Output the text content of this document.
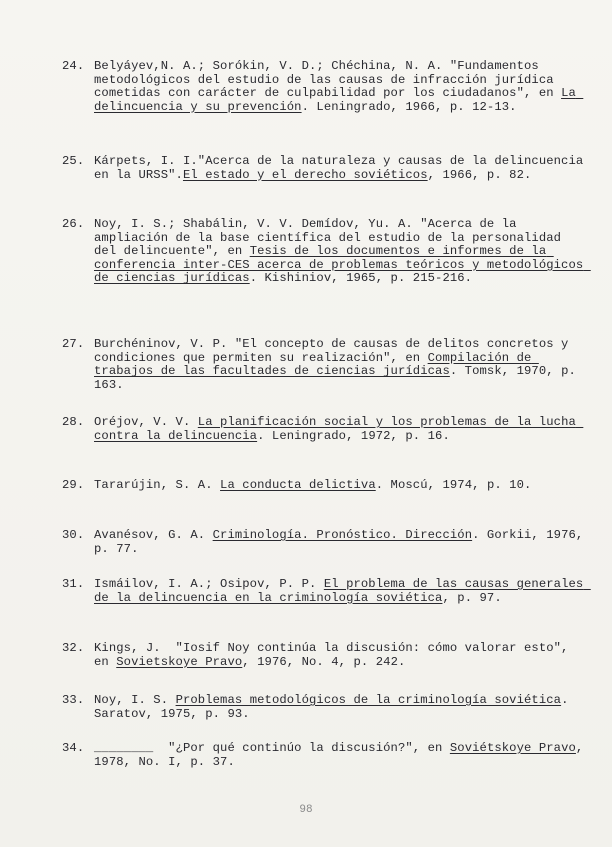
24. Belyáyev,N. A.; Sorókin, V. D.; Chéchina, N. A. "Fundamentos metodológicos del estudio de las causas de infracción jurídica cometidas con carácter de culpabilidad por los ciudadanos", en La delincuencia y su prevención. Leningrado, 1966, p. 12-13.
25. Kárpets, I. I."Acerca de la naturaleza y causas de la delincuencia en la URSS".El estado y el derecho soviéticos, 1966, p. 82.
26. Noy, I. S.; Shabálin, V. V. Demídov, Yu. A. "Acerca de la ampliación de la base científica del estudio de la personalidad del delincuente", en Tesis de los documentos e informes de la conferencia inter-CES acerca de problemas teóricos y metodológicos de ciencias jurídicas. Kishiniov, 1965, p. 215-216.
27. Burchéninov, V. P. "El concepto de causas de delitos concretos y condiciones que permiten su realización", en Compilación de trabajos de las facultades de ciencias jurídicas. Tomsk, 1970, p. 163.
28. Oréjov, V. V. La planificación social y los problemas de la lucha contra la delincuencia. Leningrado, 1972, p. 16.
29. Tararújin, S. A. La conducta delictiva. Moscú, 1974, p. 10.
30. Avanésov, G. A. Criminología. Pronóstico. Dirección. Gorkii, 1976, p. 77.
31. Ismáilov, I. A.; Osipov, P. P. El problema de las causas generales de la delincuencia en la criminología soviética, p. 97.
32. Kings, J.  "Iosif Noy continúa la discusión: cómo valorar esto", en Sovietskoye Pravo, 1976, No. 4, p. 242.
33. Noy, I. S. Problemas metodológicos de la criminología soviética. Saratov, 1975, p. 93.
34. ________  "¿Por qué continúo la discusión?", en Soviétskoye Pravo, 1978, No. I, p. 37.
98
